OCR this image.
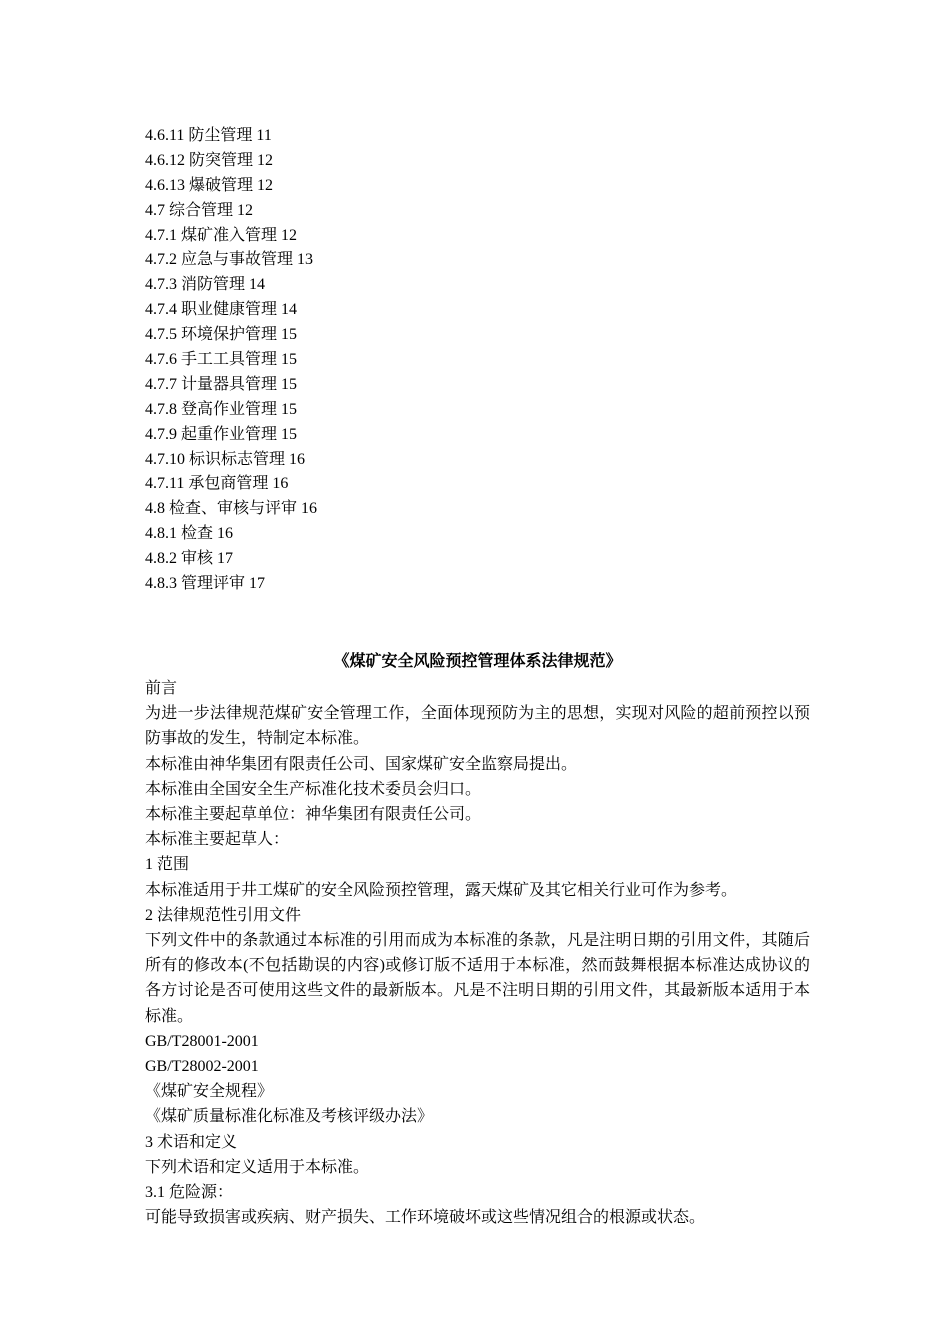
4.6.11 防尘管理 11
4.6.12 防突管理 12
4.6.13 爆破管理 12
4.7 综合管理 12
4.7.1 煤矿准入管理 12
4.7.2 应急与事故管理 13
4.7.3 消防管理 14
4.7.4 职业健康管理 14
4.7.5 环境保护管理 15
4.7.6 手工工具管理 15
4.7.7 计量器具管理 15
4.7.8 登高作业管理 15
4.7.9 起重作业管理 15
4.7.10 标识标志管理 16
4.7.11 承包商管理 16
4.8 检查、审核与评审 16
4.8.1 检查 16
4.8.2 审核 17
4.8.3 管理评审 17
《煤矿安全风险预控管理体系法律规范》

前言

为进一步法律规范煤矿安全管理工作，全面体现预防为主的思想，实现对风险的超前预控以预防事故的发生，特制定本标准。

本标准由神华集团有限责任公司、国家煤矿安全监察局提出。

本标准由全国安全生产标准化技术委员会归口。

本标准主要起草单位：神华集团有限责任公司。

本标准主要起草人：

1 范围

本标准适用于井工煤矿的安全风险预控管理，露天煤矿及其它相关行业可作为参考。

2 法律规范性引用文件

下列文件中的条款通过本标准的引用而成为本标准的条款，凡是注明日期的引用文件，其随后所有的修改本(不包括勘误的内容)或修订版不适用于本标准，然而鼓舞根据本标准达成协议的各方讨论是否可使用这些文件的最新版本。凡是不注明日期的引用文件，其最新版本适用于本标准。

GB/T28001-2001

GB/T28002-2001

《煤矿安全规程》

《煤矿质量标准化标准及考核评级办法》

3 术语和定义

下列术语和定义适用于本标准。

3.1 危险源：

可能导致损害或疾病、财产损失、工作环境破坏或这些情况组合的根源或状态。
